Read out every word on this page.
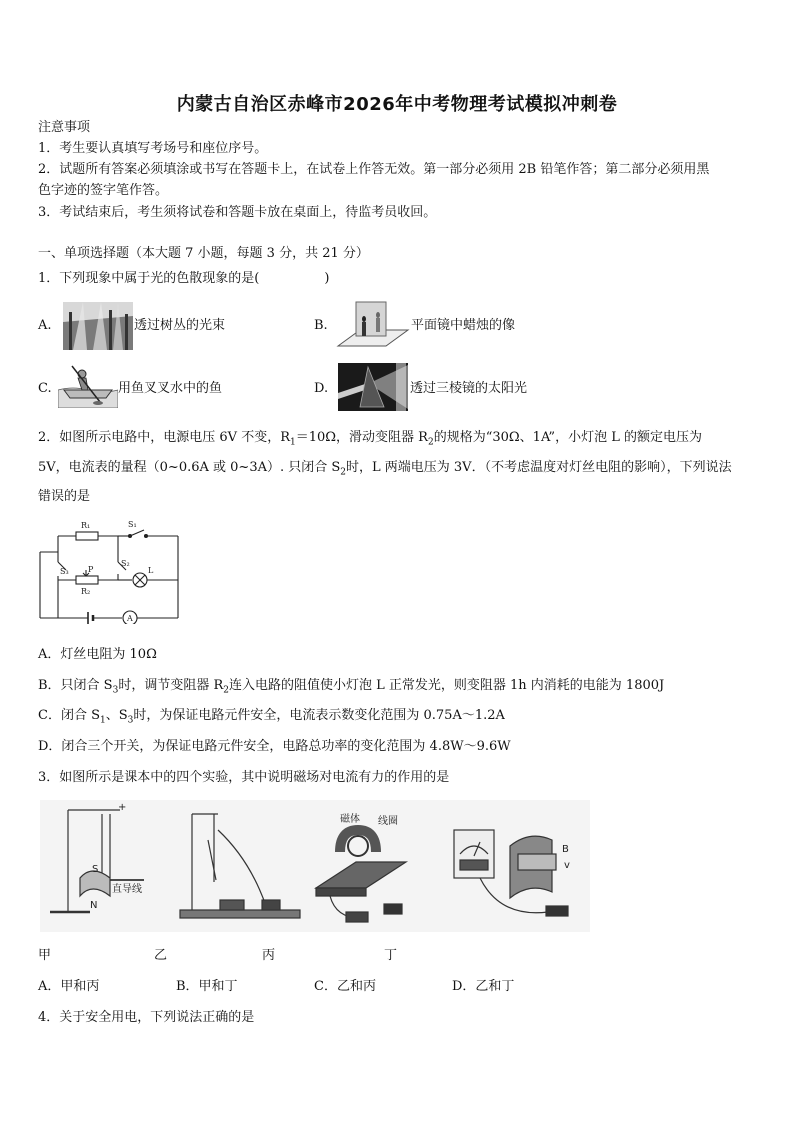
内蒙古自治区赤峰市2026年中考物理考试模拟冲刺卷
注意事项
1．考生要认真填写考场号和座位序号。
2．试题所有答案必须填涂或书写在答题卡上，在试卷上作答无效。第一部分必须用 2B 铅笔作答；第二部分必须用黑
色字迹的签字笔作答。
3．考试结束后，考生须将试卷和答题卡放在桌面上，待监考员收回。
一、单项选择题（本大题 7 小题，每题 3 分，共 21 分）
1．下列现象中属于光的色散现象的是(　　　　　)
A.	透过树丛的光束	B.	平面镜中蜡烛的像
C.	用鱼叉叉水中的鱼	D.	透过三棱镜的太阳光
2．如图所示电路中，电源电压 6V 不变，$R_1=10\Omega$，滑动变阻器 $R_2$的规格为“30Ω、1A”，小灯泡 L 的额定电压为
5V，电流表的量程（0~0.6A 或 0~3A）. 只闭合 $S_2$时，L 两端电压为 3V．（不考虑温度对灯丝电阻的影响），下列说法
错误的是
R₁	S₁
S₃
S₂
P
R₂
L
A
A．灯丝电阻为 10Ω
B．只闭合 $S_3$时，调节变阻器 $R_2$连入电路的阻值使小灯泡 L 正常发光，则变阻器 1h 内消耗的电能为 1800J
C．闭合 $S_1$、$S_3$时，为保证电路元件安全，电流表示数变化范围为 0.75A～1.2A
D．闭合三个开关，为保证电路元件安全，电路总功率的变化范围为 4.8W～9.6W
3．如图所示是课本中的四个实验，其中说明磁场对电流有力的作用的是
S
N
直导线
+
磁体 线圈
B
v
甲	乙	丙	丁
A．甲和丙	B．甲和丁	C．乙和丙	D．乙和丁
4．关于安全用电，下列说法正确的是
